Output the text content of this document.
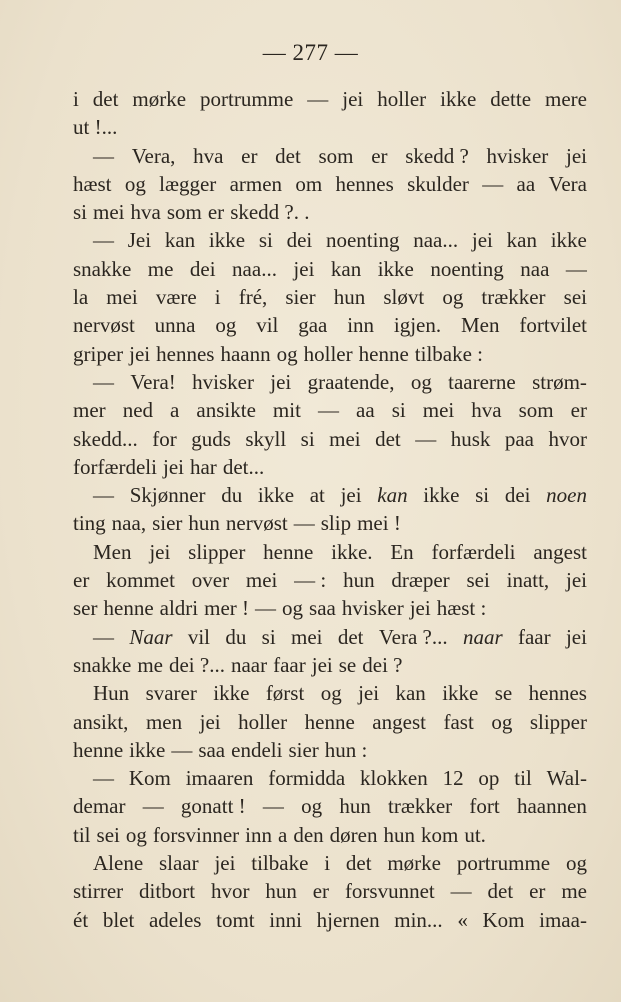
— 277 —
i det mørke portrumme — jei holler ikke dette mere
ut !...
— Vera, hva er det som er skedd ? hvisker jei
hæst og lægger armen om hennes skulder — aa Vera
si mei hva som er skedd ?. .
— Jei kan ikke si dei noenting naa... jei kan ikke
snakke me dei naa... jei kan ikke noenting naa —
la mei være i fré, sier hun sløvt og trækker sei
nervøst unna og vil gaa inn igjen. Men fortvilet
griper jei hennes haann og holler henne tilbake :
— Vera! hvisker jei graatende, og taarerne strøm-
mer ned a ansikte mit — aa si mei hva som er
skedd... for guds skyll si mei det — husk paa hvor
forfærdeli jei har det...
— Skjønner du ikke at jei kan ikke si dei noen
ting naa, sier hun nervøst — slip mei !
Men jei slipper henne ikke. En forfærdeli angest
er kommet over mei — : hun dræper sei inatt, jei
ser henne aldri mer ! — og saa hvisker jei hæst :
— Naar vil du si mei det Vera ?... naar faar jei
snakke me dei ?... naar faar jei se dei ?
Hun svarer ikke først og jei kan ikke se hennes
ansikt, men jei holler henne angest fast og slipper
henne ikke — saa endeli sier hun :
— Kom imaaren formidda klokken 12 op til Wal-
demar — gonatt ! — og hun trækker fort haannen
til sei og forsvinner inn a den døren hun kom ut.
Alene slaar jei tilbake i det mørke portrumme og
stirrer ditbort hvor hun er forsvunnet — det er me
ét blet adeles tomt inni hjernen min... « Kom imaa-
